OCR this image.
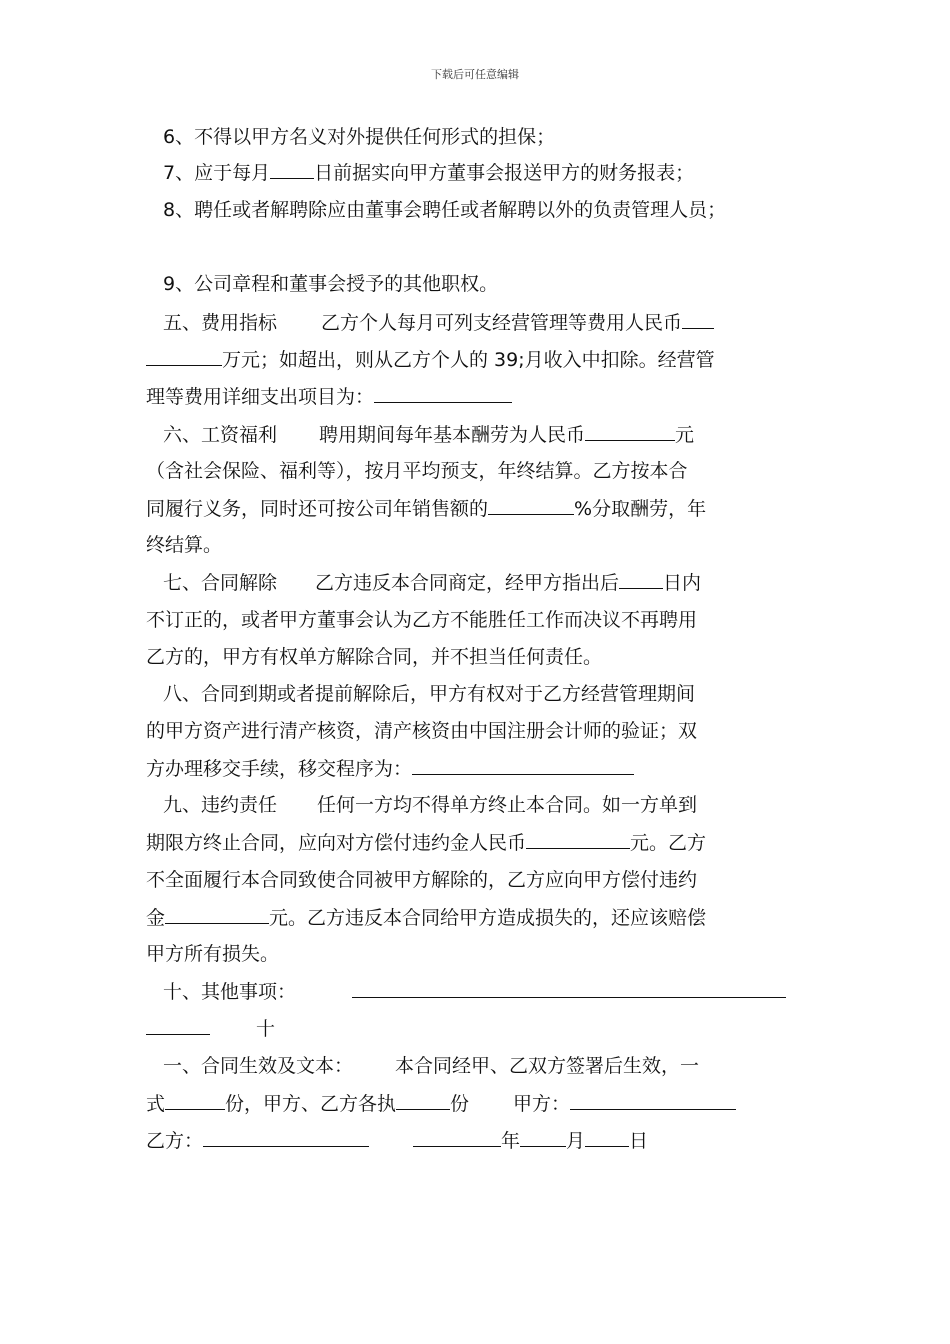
下载后可任意编辑
6、不得以甲方名义对外提供任何形式的担保；
7、应于每月 日前据实向甲方董事会报送甲方的财务报表；
8、聘任或者解聘除应由董事会聘任或者解聘以外的负责管理人员；
9、公司章程和董事会授予的其他职权。
五、费用指标 乙方个人每月可列支经营管理等费用人民币
万元；如超出，则从乙方个人的 39;月收入中扣除。经营管
理等费用详细支出项目为：
六、工资福利 聘用期间每年基本酬劳为人民币	元
（含社会保险、福利等），按月平均预支，年终结算。乙方按本合
同履行义务，同时还可按公司年销售额的	%分取酬劳，年
终结算。
七、合同解除 乙方违反本合同商定，经甲方指出后 日内
不订正的，或者甲方董事会认为乙方不能胜任工作而决议不再聘用
乙方的，甲方有权单方解除合同，并不担当任何责任。
八、合同到期或者提前解除后，甲方有权对于乙方经营管理期间
的甲方资产进行清产核资，清产核资由中国注册会计师的验证；双
方办理移交手续，移交程序为：
九、违约责任 任何一方均不得单方终止本合同。如一方单到
期限方终止合同，应向对方偿付违约金人民币	元。乙方
不全面履行本合同致使合同被甲方解除的，乙方应向甲方偿付违约
金	元。乙方违反本合同给甲方造成损失的，还应该赔偿
甲方所有损失。
十、其他事项：
十
一、合同生效及文本： 本合同经甲、乙双方签署后生效，一
式	份，甲方、乙方各执	份 甲方：
乙方：	年 月 日
